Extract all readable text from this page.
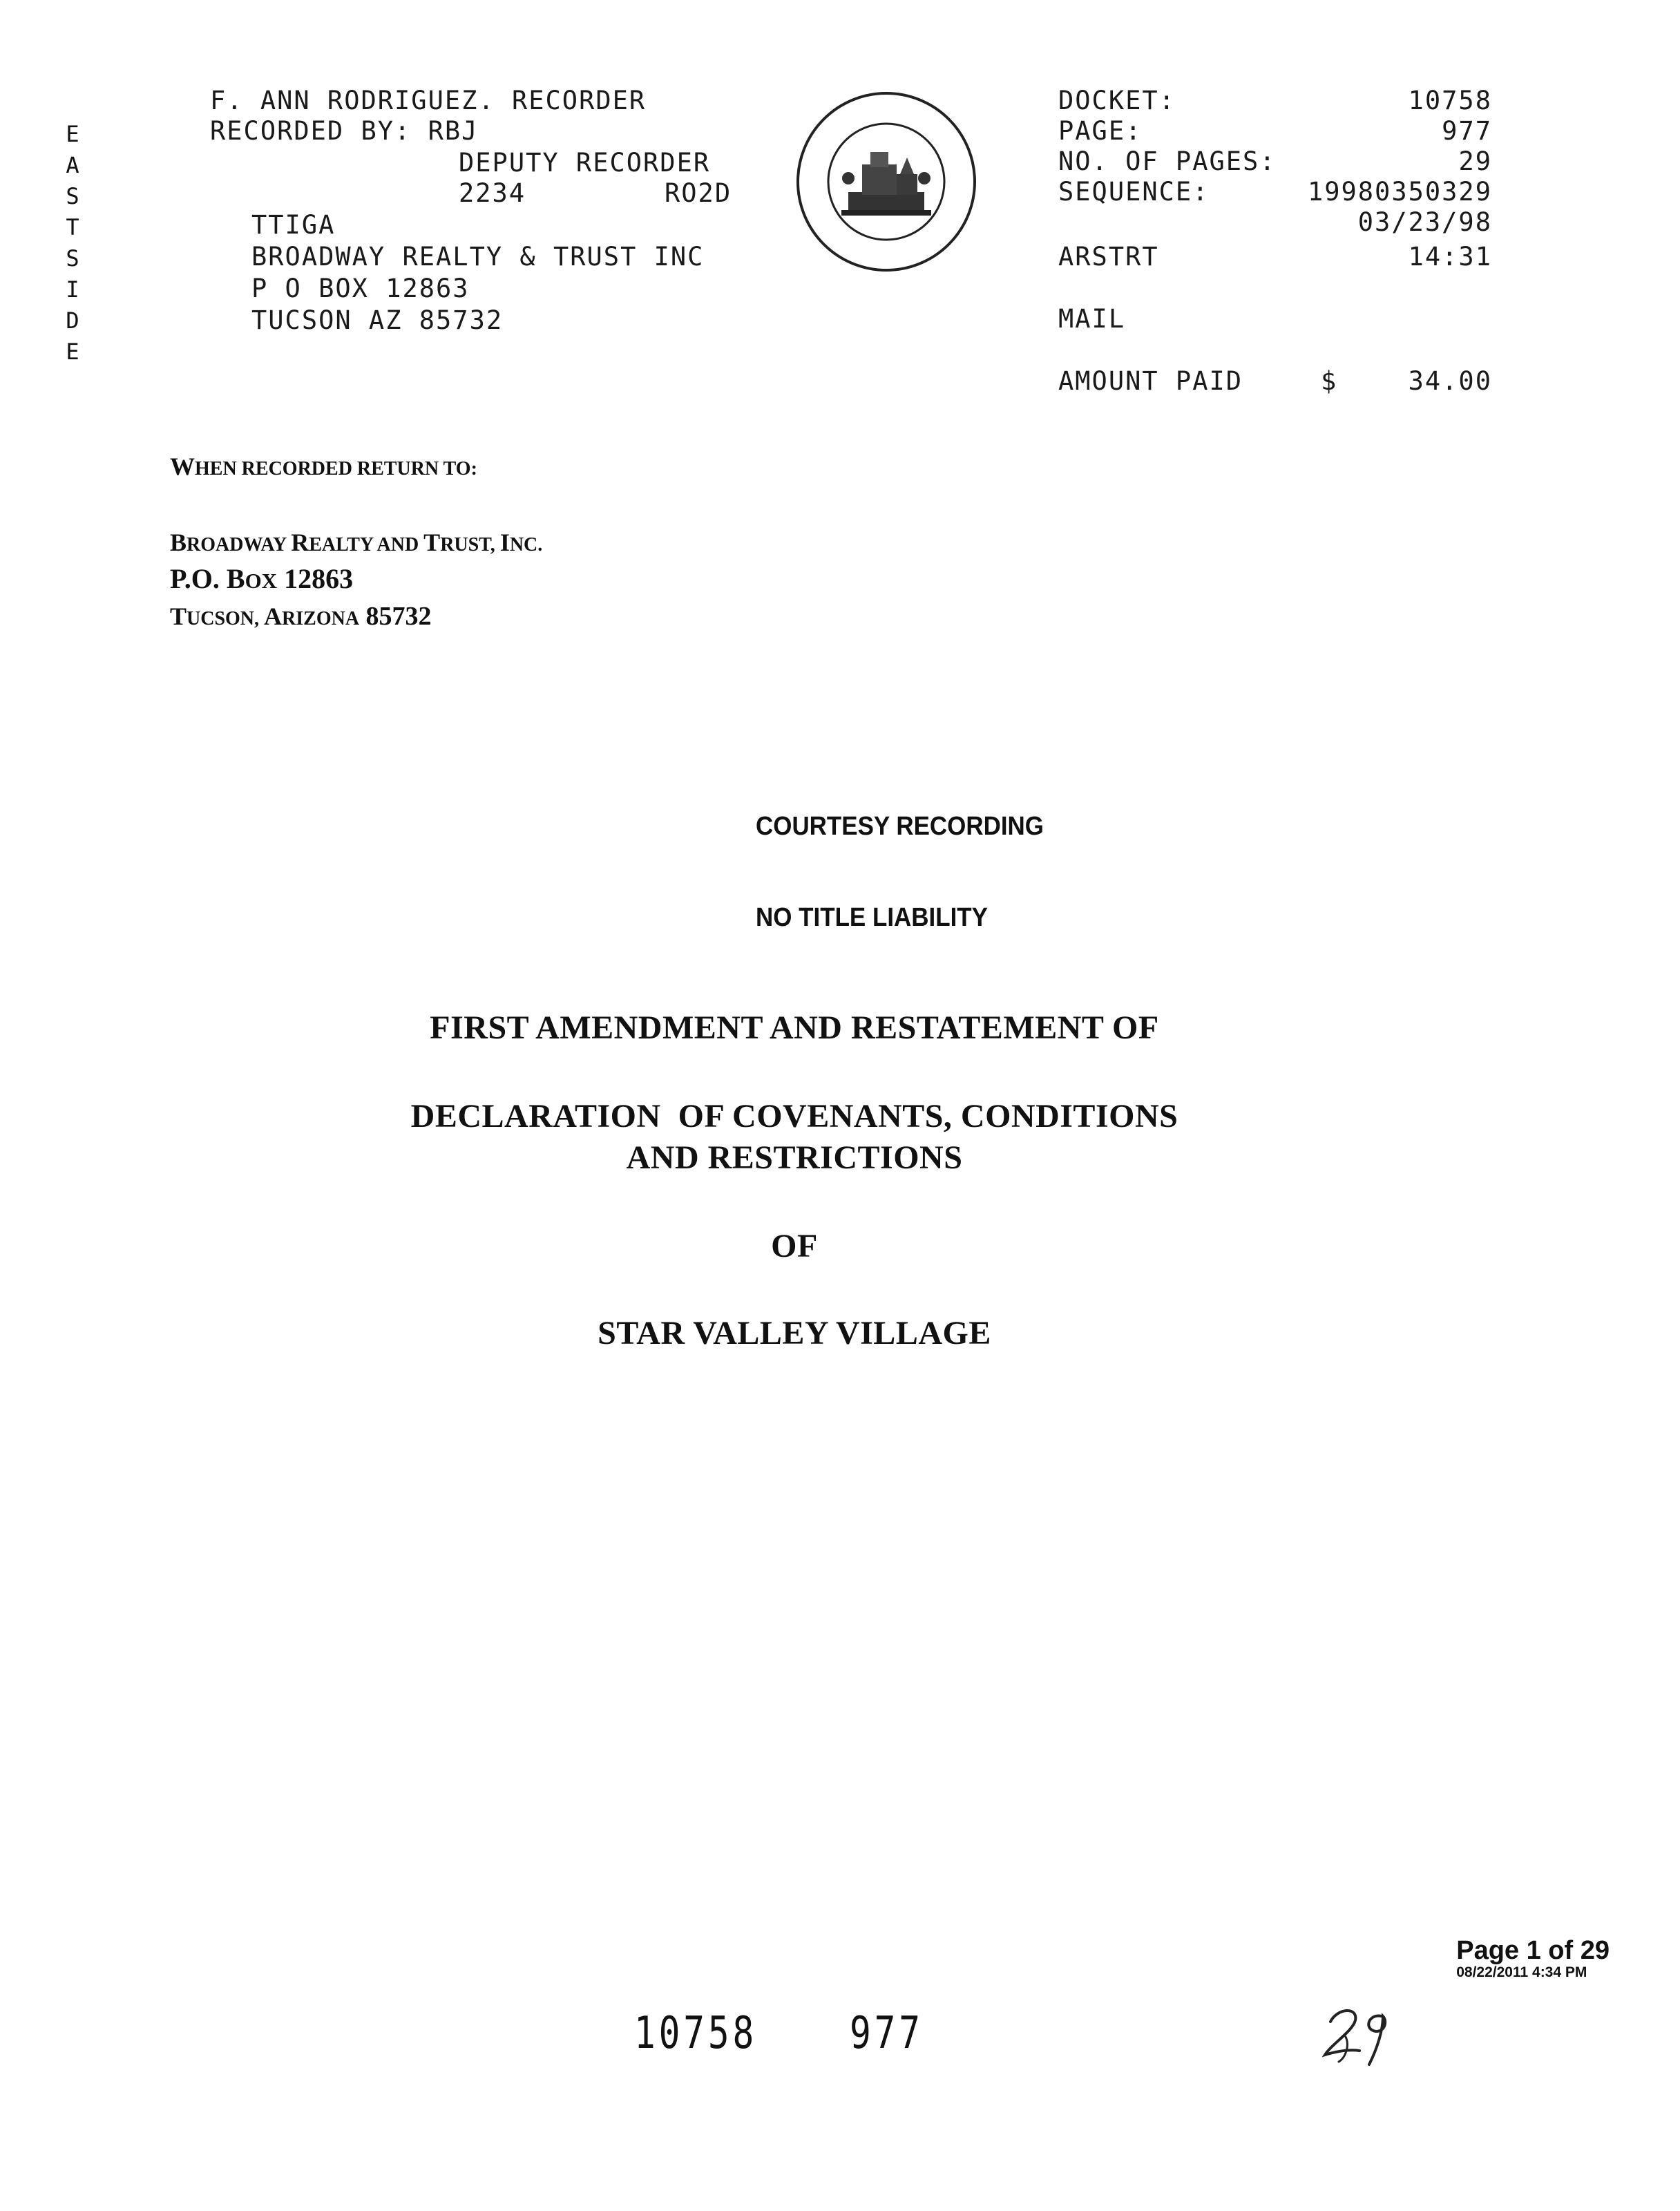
E
A
S
T
S
I
D
E
F. ANN RODRIGUEZ. RECORDER
RECORDED BY: RBJ
DEPUTY RECORDER
2234	RO2D
TTIGA
BROADWAY REALTY & TRUST INC
P O BOX 12863
TUCSON AZ 85732

DOCKET:	10758
PAGE:	977
NO. OF PAGES:	29
SEQUENCE:	19980350329
03/23/98
ARSTRT	14:31
MAIL
AMOUNT PAID	$	34.00
WHEN RECORDED RETURN TO:
BROADWAY REALTY AND TRUST, INC.
P.O. BOX 12863
TUCSON, ARIZONA 85732

COURTESY RECORDING

NO TITLE LIABILITY

FIRST AMENDMENT AND RESTATEMENT OF
DECLARATION  OF COVENANTS, CONDITIONS
AND RESTRICTIONS
OF
STAR VALLEY VILLAGE
10758 977
Page 1 of 29
08/22/2011 4:34 PM
